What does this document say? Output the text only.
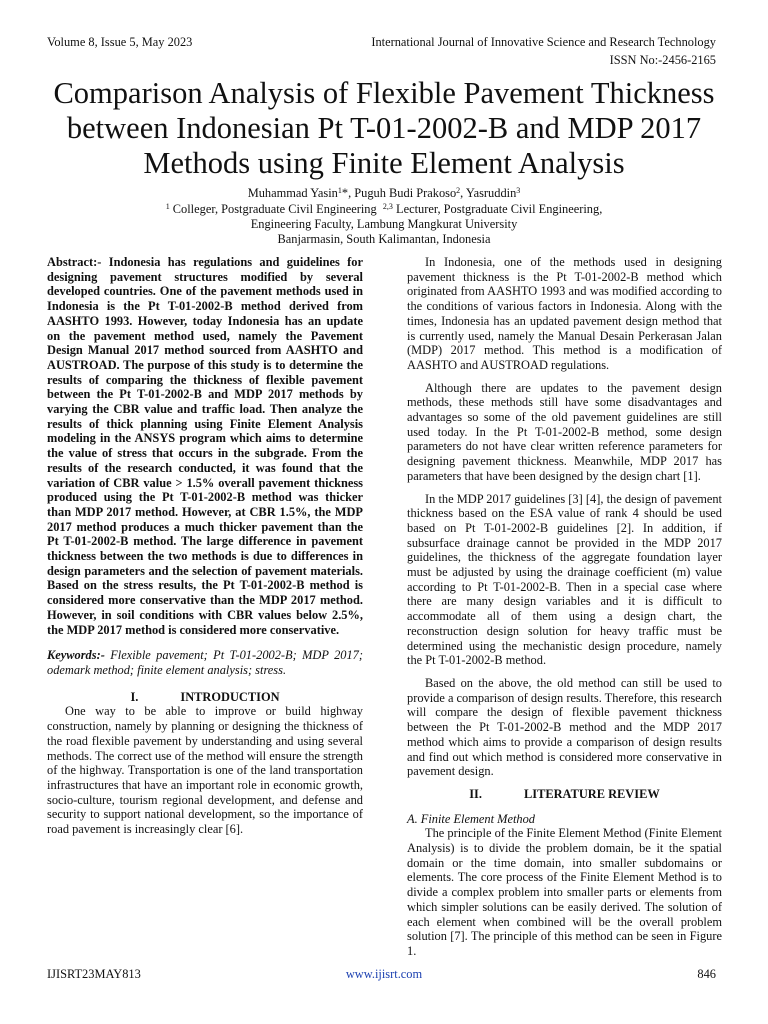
Volume 8, Issue 5, May 2023	International Journal of Innovative Science and Research Technology
ISSN No:-2456-2165
Comparison Analysis of Flexible Pavement Thickness between Indonesian Pt T-01-2002-B and MDP 2017 Methods using Finite Element Analysis
Muhammad Yasin$^1$*, Puguh Budi Prakoso$^2$, Yasruddin$^3$
$^1$ Colleger, Postgraduate Civil Engineering $^{2,3}$ Lecturer, Postgraduate Civil Engineering,
Engineering Faculty, Lambung Mangkurat University
Banjarmasin, South Kalimantan, Indonesia

Abstract:- Indonesia has regulations and guidelines for designing pavement structures modified by several developed countries. One of the pavement methods used in Indonesia is the Pt T-01-2002-B method derived from AASHTO 1993. However, today Indonesia has an update on the pavement method used, namely the Pavement Design Manual 2017 method sourced from AASHTO and AUSTROAD. The purpose of this study is to determine the results of comparing the thickness of flexible pavement between the Pt T-01-2002-B and MDP 2017 methods by varying the CBR value and traffic load. Then analyze the results of thick planning using Finite Element Analysis modeling in the ANSYS program which aims to determine the value of stress that occurs in the subgrade. From the results of the research conducted, it was found that the variation of CBR value > 1.5% overall pavement thickness produced using the Pt T-01-2002-B method was thicker than MDP 2017 method. However, at CBR 1.5%, the MDP 2017 method produces a much thicker pavement than the Pt T-01-2002-B method. The large difference in pavement thickness between the two methods is due to differences in design parameters and the selection of pavement materials. Based on the stress results, the Pt T-01-2002-B method is considered more conservative than the MDP 2017 method. However, in soil conditions with CBR values below 2.5%, the MDP 2017 method is considered more conservative.

Keywords:- Flexible pavement; Pt T-01-2002-B; MDP 2017; odemark method; finite element analysis; stress.

I.	INTRODUCTION

One way to be able to improve or build highway construction, namely by planning or designing the thickness of the road flexible pavement by understanding and using several methods. The correct use of the method will ensure the strength of the highway. Transportation is one of the land transportation infrastructures that have an important role in economic growth, socio-culture, tourism regional development, and defense and security to support national development, so the importance of road pavement is increasingly clear [6].

In Indonesia, one of the methods used in designing pavement thickness is the Pt T-01-2002-B method which originated from AASHTO 1993 and was modified according to the conditions of various factors in Indonesia. Along with the times, Indonesia has an updated pavement design method that is currently used, namely the Manual Desain Perkerasan Jalan (MDP) 2017 method. This method is a modification of AASHTO and AUSTROAD regulations.

Although there are updates to the pavement design methods, these methods still have some disadvantages and advantages so some of the old pavement guidelines are still used today. In the Pt T-01-2002-B method, some design parameters do not have clear written reference parameters for designing pavement thickness. Meanwhile, MDP 2017 has parameters that have been designed by the design chart [1].

In the MDP 2017 guidelines [3] [4], the design of pavement thickness based on the ESA value of rank 4 should be used based on Pt T-01-2002-B guidelines [2]. In addition, if subsurface drainage cannot be provided in the MDP 2017 guidelines, the thickness of the aggregate foundation layer must be adjusted by using the drainage coefficient (m) value according to Pt T-01-2002-B. Then in a special case where there are many design variables and it is difficult to accommodate all of them using a design chart, the reconstruction design solution for heavy traffic must be determined using the mechanistic design procedure, namely the Pt T-01-2002-B method.

Based on the above, the old method can still be used to provide a comparison of design results. Therefore, this research will compare the design of flexible pavement thickness between the Pt T-01-2002-B method and the MDP 2017 method which aims to provide a comparison of design results and find out which method is considered more conservative in pavement design.

II.	LITERATURE REVIEW

A. Finite Element Method

The principle of the Finite Element Method (Finite Element Analysis) is to divide the problem domain, be it the spatial domain or the time domain, into smaller subdomains or elements. The core process of the Finite Element Method is to divide a complex problem into smaller parts or elements from which simpler solutions can be easily derived. The solution of each element when combined will be the overall problem solution [7]. The principle of this method can be seen in Figure 1.

IJISRT23MAY813	www.ijisrt.com	846
